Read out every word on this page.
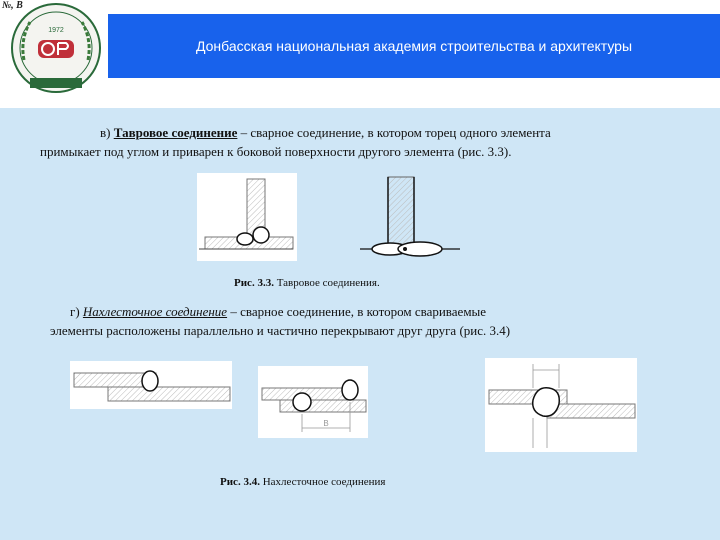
1972
№, В
Донбасская национальная академия строительства и архитектуры
в) Тавровое соединение – сварное соединение, в котором торец одного элемента
примыкает под углом и приварен к боковой поверхности другого элемента (рис. 3.3).
Рис. 3.3. Тавровое соединения.
г) Нахлесточное соединение – сварное соединение, в котором свариваемые
элементы расположены параллельно и частично перекрывают друг друга (рис. 3.4)
B
Рис. 3.4. Нахлесточное соединения
